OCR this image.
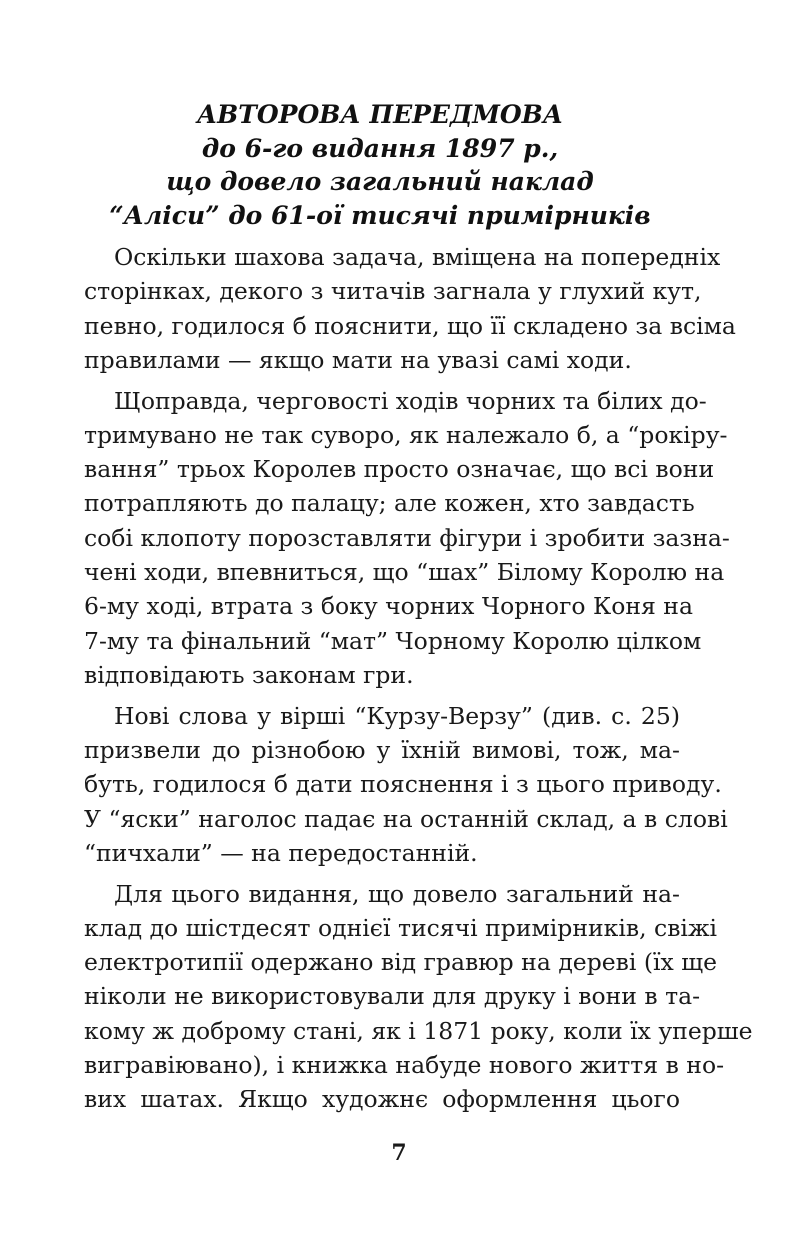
АВТОРОВА ПЕРЕДМОВА
до 6-го видання 1897 р.,
що довело загальний наклад
“Алiси” до 61-ої тисячі примірників
Оскільки шахова задача, вміщена на попередніх
сторінках, декого з читачів загнала у глухий кут,
певно, годилося б пояснити, що її складено за всіма
правилами — якщо мати на увазі самі ходи.
Щоправда, черговості ходів чорних та білих до-
тримувано не так суворо, як належало б, а “рокіру-
вання” трьох Королев просто означає, що всі вони
потрапляють до палацу; але кожен, хто завдасть
собі клопоту порозставляти фігури і зробити зазна-
чені ходи, впевниться, що “шах” Білому Королю на
6-му ході, втрата з боку чорних Чорного Коня на
7-му та фінальний “мат” Чорному Королю цілком
відповідають законам гри.
Нові слова у вірші “Курзу-Верзу” (див. с. 25)
призвели до різнобою у їхній вимові, тож, ма-
буть, годилося б дати пояснення і з цього приводу.
У “яски” наголос падає на останній склад, а в слові
“пичхали” — на передостанній.
Для цього видання, що довело загальний на-
клад до шістдесят однієї тисячі примірників, свіжі
електротипії одержано від гравюр на дереві (їх ще
ніколи не використовували для друку і вони в та-
кому ж доброму стані, як і 1871 року, коли їх уперше
вигравіювано), і книжка набуде нового життя в но-
вих шатах. Якщо художнє оформлення цього
7
